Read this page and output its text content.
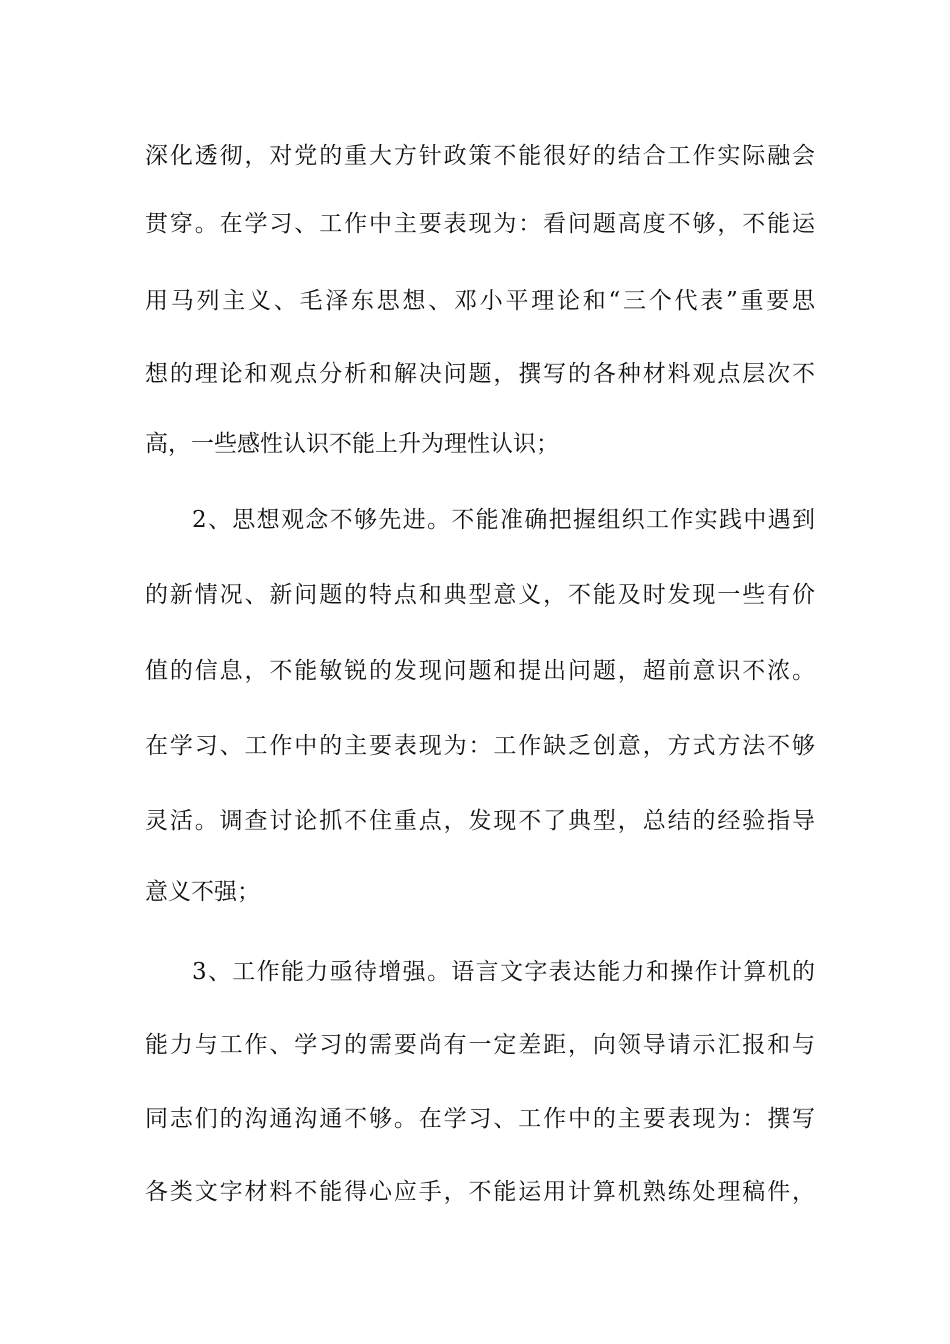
深化透彻，对党的重大方针政策不能很好的结合工作实际融会
贯穿。在学习、工作中主要表现为：看问题高度不够，不能运
用马列主义、毛泽东思想、邓小平理论和“三个代表”重要思
想的理论和观点分析和解决问题，撰写的各种材料观点层次不
高，一些感性认识不能上升为理性认识；
2、思想观念不够先进。不能准确把握组织工作实践中遇到
的新情况、新问题的特点和典型意义，不能及时发现一些有价
值的信息，不能敏锐的发现问题和提出问题，超前意识不浓。
在学习、工作中的主要表现为：工作缺乏创意，方式方法不够
灵活。调查讨论抓不住重点，发现不了典型，总结的经验指导
意义不强；
3、工作能力亟待增强。语言文字表达能力和操作计算机的
能力与工作、学习的需要尚有一定差距，向领导请示汇报和与
同志们的沟通沟通不够。在学习、工作中的主要表现为：撰写
各类文字材料不能得心应手，不能运用计算机熟练处理稿件，
